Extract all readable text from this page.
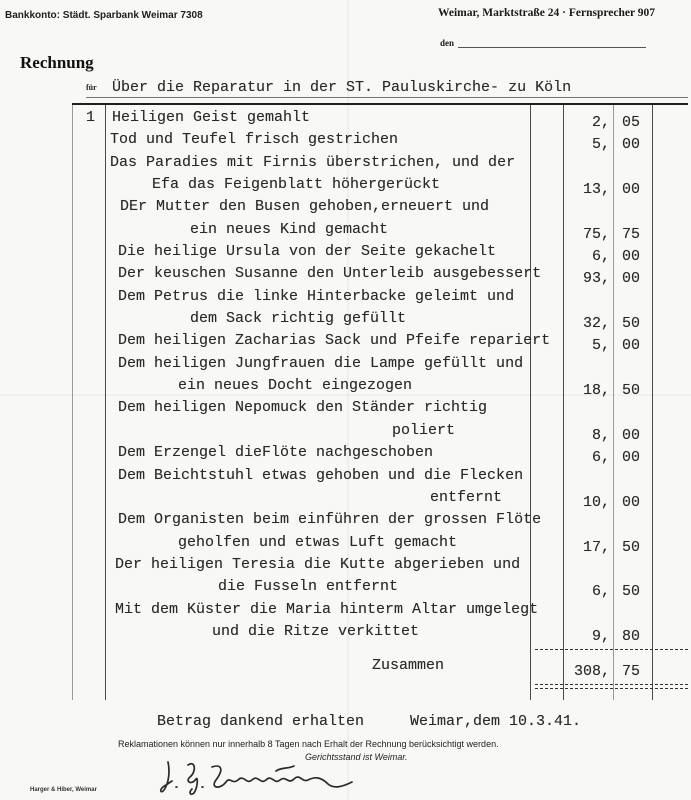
Bankkonto: Städt. Sparbank Weimar 7308	Weimar, Marktstraße 24 · Fernsprecher 907
den
Rechnung
für Über die Reparatur in der ST. Pauluskirche- zu Köln
1	Heiligen Geist gemahlt	2, 05
Tod und Teufel frisch gestrichen	5, 00
Das Paradies mit Firnis überstrichen, und der
Efa das Feigenblatt höhergerückt	13, 00
DEr Mutter den Busen gehoben,erneuert und
ein neues Kind gemacht	75, 75
Die heilige Ursula von der Seite gekachelt	6, 00
Der keuschen Susanne den Unterleib ausgebessert	93, 00
Dem Petrus die linke Hinterbacke geleimt und
dem Sack richtig gefüllt	32, 50
Dem heiligen Zacharias Sack und Pfeife repariert	5, 00
Dem heiligen Jungfrauen die Lampe gefüllt und
ein neues Docht eingezogen	18, 50
Dem heiligen Nepomuck den Ständer richtig
poliert	8, 00
Dem Erzengel dieFlöte nachgeschoben	6, 00
Dem Beichtstuhl etwas gehoben und die Flecken
entfernt	10, 00
Dem Organisten beim einführen der grossen Flöte
geholfen und etwas Luft gemacht	17, 50
Der heiligen Teresia die Kutte abgerieben und
die Fusseln entfernt	6, 50
Mit dem Küster die Maria hinterm Altar umgelegt
und die Ritze verkittet	9, 80
Zusammen	308, 75
Betrag dankend erhalten	Weimar,dem 10.3.41.
Reklamationen können nur innerhalb 8 Tagen nach Erhalt der Rechnung berücksichtigt werden.
Gerichtsstand ist Weimar.
Harger & Hiber, Weimar
